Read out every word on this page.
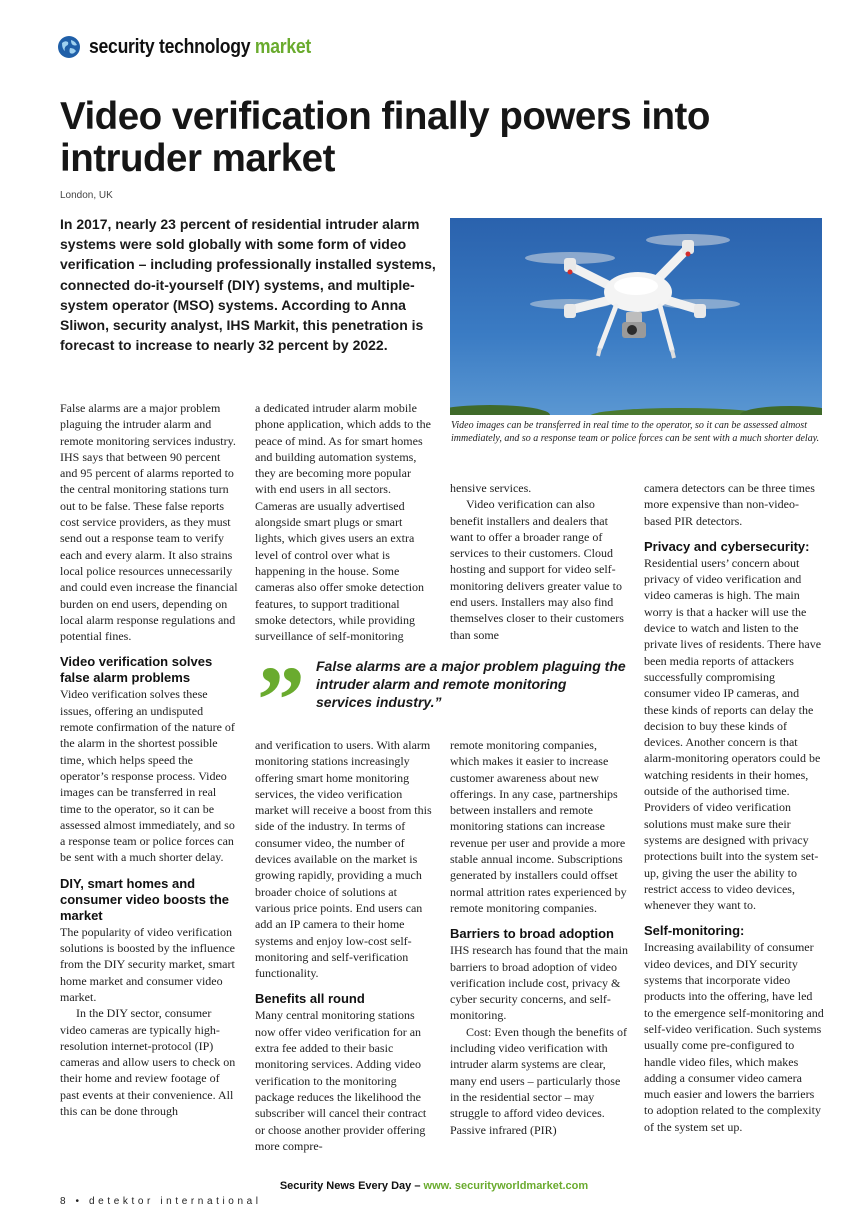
security technology market
Video verification finally powers into intruder market
London, UK
In 2017, nearly 23 percent of residential intruder alarm systems were sold globally with some form of video verification – including professionally installed systems, connected do-it-yourself (DIY) systems, and multiple-system operator (MSO) systems. According to Anna Sliwon, security analyst, IHS Markit, this penetration is forecast to increase to nearly 32 percent by 2022.
Video images can be transferred in real time to the operator, so it can be assessed almost immediately, and so a response team or police forces can be sent with a much shorter delay.

False alarms are a major problem plaguing the intruder alarm and remote monitoring services industry. IHS says that between 90 percent and 95 percent of alarms reported to the central monitoring stations turn out to be false. These false reports cost service providers, as they must send out a response team to verify each and every alarm. It also strains local police resources unnecessarily and could even increase the financial burden on end users, depending on local alarm response regulations and potential fines.

Video verification solves false alarm problems

Video verification solves these issues, offering an undisputed remote confirmation of the nature of the alarm in the shortest possible time, which helps speed the operator’s response process. Video images can be transferred in real time to the operator, so it can be assessed almost immediately, and so a response team or police forces can be sent with a much shorter delay.

DIY, smart homes and consumer video boosts the market

The popularity of video verification solutions is boosted by the influence from the DIY security market, smart home market and consumer video market.

In the DIY sector, consumer video cameras are typically high-resolution internet-protocol (IP) cameras and allow users to check on their home and review footage of past events at their convenience. All this can be done through

a dedicated intruder alarm mobile phone application, which adds to the peace of mind. As for smart homes and building automation systems, they are becoming more popular with end users in all sectors. Cameras are usually advertised alongside smart plugs or smart lights, which gives users an extra level of control over what is happening in the house. Some cameras also offer smoke detection features, to support traditional smoke detectors, while providing surveillance of self-monitoring

hensive services.

Video verification can also benefit installers and dealers that want to offer a broader range of services to their customers. Cloud hosting and support for video self-monitoring delivers greater value to end users. Installers may also find themselves closer to their customers than some

” False alarms are a major problem plaguing the intruder alarm and remote monitoring services industry.”

and verification to users. With alarm monitoring stations increasingly offering smart home monitoring services, the video verification market will receive a boost from this side of the industry. In terms of consumer video, the number of devices available on the market is growing rapidly, providing a much broader choice of solutions at various price points. End users can add an IP camera to their home systems and enjoy low-cost self-monitoring and self-verification functionality.

Benefits all round

Many central monitoring stations now offer video verification for an extra fee added to their basic monitoring services. Adding video verification to the monitoring package reduces the likelihood the subscriber will cancel their contract or choose another provider offering more compre-

remote monitoring companies, which makes it easier to increase customer awareness about new offerings. In any case, partnerships between installers and remote monitoring stations can increase revenue per user and provide a more stable annual income. Subscriptions generated by installers could offset normal attrition rates experienced by remote monitoring companies.

Barriers to broad adoption

IHS research has found that the main barriers to broad adoption of video verification include cost, privacy & cyber security concerns, and self-monitoring.

Cost: Even though the benefits of including video verification with intruder alarm systems are clear, many end users – particularly those in the residential sector – may struggle to afford video devices. Passive infrared (PIR)

camera detectors can be three times more expensive than non-video-based PIR detectors.

Privacy and cybersecurity:

Residential users’ concern about privacy of video verification and video cameras is high. The main worry is that a hacker will use the device to watch and listen to the private lives of residents. There have been media reports of attackers successfully compromising consumer video IP cameras, and these kinds of reports can delay the decision to buy these kinds of devices. Another concern is that alarm-monitoring operators could be watching residents in their homes, outside of the authorised time. Providers of video verification solutions must make sure their systems are designed with privacy protections built into the system set-up, giving the user the ability to restrict access to video devices, whenever they want to.

Self-monitoring:

Increasing availability of consumer video devices, and DIY security systems that incorporate video products into the offering, have led to the emergence self-monitoring and self-video verification. Such systems usually come pre-configured to handle video files, which makes adding a consumer video camera much easier and lowers the barriers to adoption related to the complexity of the system set up.

Security News Every Day – www. securityworldmarket.com
8 • detektor international
